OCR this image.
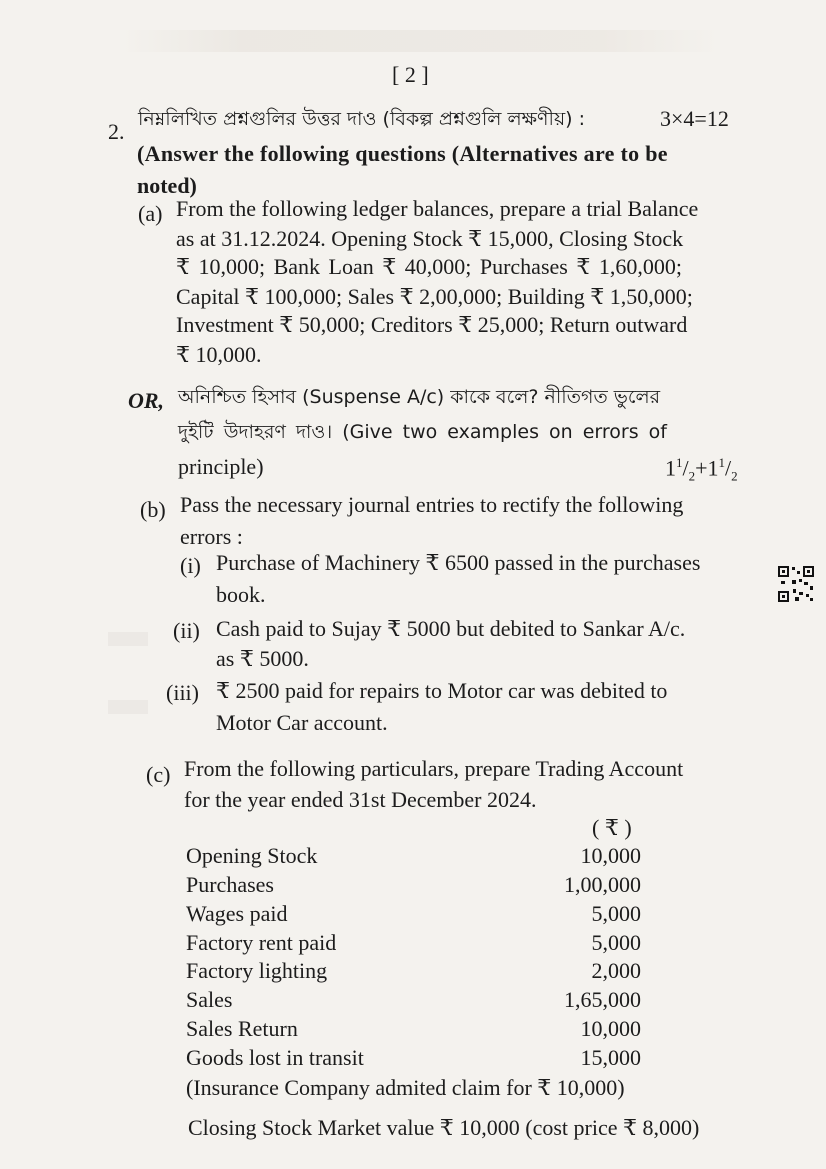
[ 2 ]
2. নিম্নলিখিত প্রশ্নগুলির উত্তর দাও (বিকল্প প্রশ্নগুলি লক্ষণীয়) :	3×4=12
(Answer the following questions (Alternatives are to be
noted)
(a) From the following ledger balances, prepare a trial Balance
as at 31.12.2024. Opening Stock ₹ 15,000, Closing Stock
₹ 10,000; Bank Loan ₹ 40,000; Purchases ₹ 1,60,000;
Capital ₹ 100,000; Sales ₹ 2,00,000; Building ₹ 1,50,000;
Investment ₹ 50,000; Creditors ₹ 25,000; Return outward
₹ 10,000.
OR, অনিশ্চিত হিসাব (Suspense A/c) কাকে বলে? নীতিগত ভুলের
দুইটি উদাহরণ দাও। (Give two examples on errors of
principle)	$1^1/_2+1^1/_2$
(b) Pass the necessary journal entries to rectify the following
errors :
(i) Purchase of Machinery ₹ 6500 passed in the purchases
book.
(ii) Cash paid to Sujay ₹ 5000 but debited to Sankar A/c.
as ₹ 5000.
(iii) ₹ 2500 paid for repairs to Motor car was debited to
Motor Car account.
(c) From the following particulars, prepare Trading Account
for the year ended 31st December 2024.
( ₹ )
Opening Stock	10,000
Purchases	1,00,000
Wages paid	5,000
Factory rent paid	5,000
Factory lighting	2,000
Sales	1,65,000
Sales Return	10,000
Goods lost in transit	15,000
(Insurance Company admited claim for ₹ 10,000)
Closing Stock Market value ₹ 10,000 (cost price ₹ 8,000)
